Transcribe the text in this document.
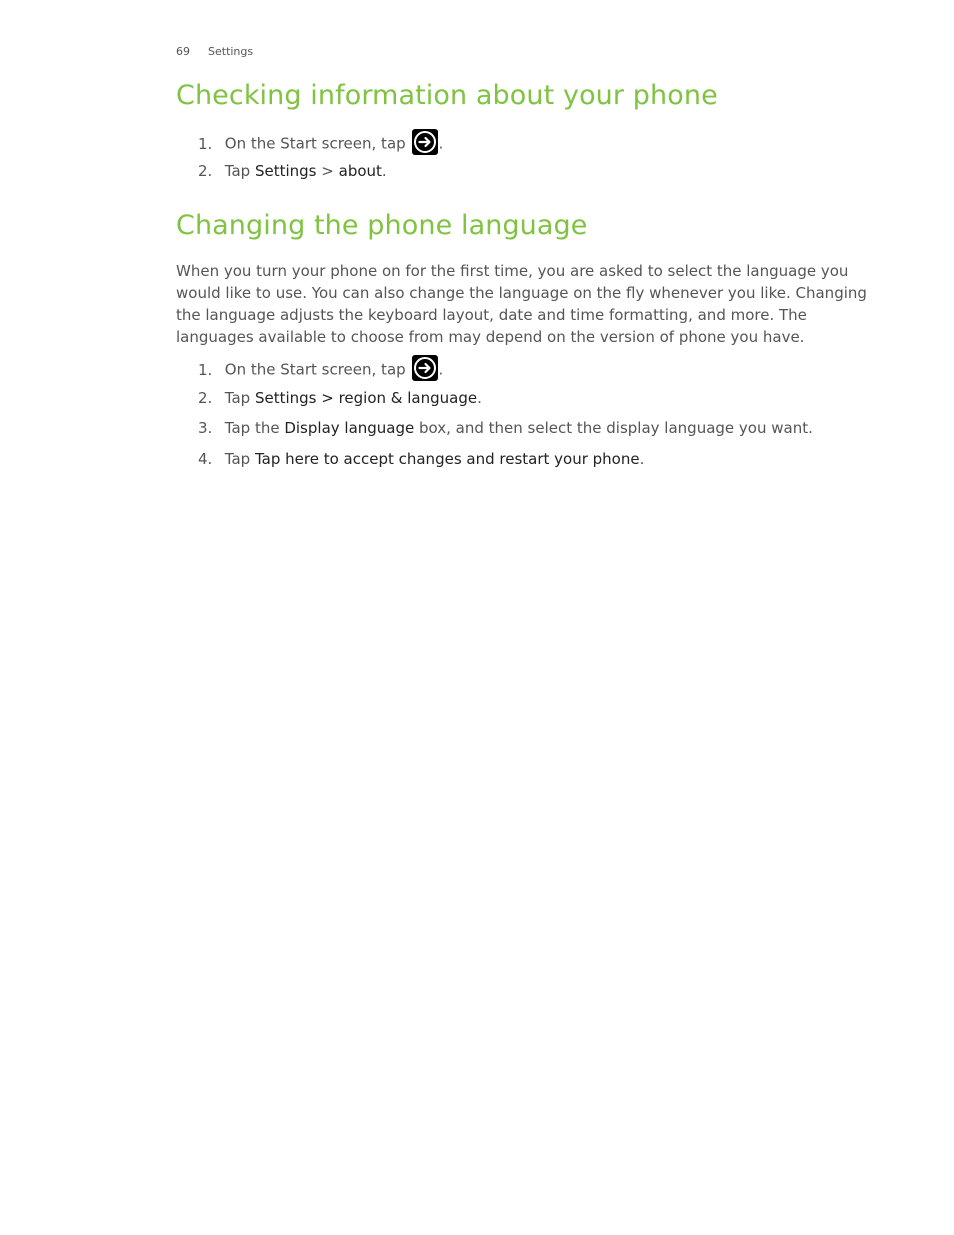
69 Settings
Checking information about your phone
1. On the Start screen, tap .
2. Tap Settings > about.
Changing the phone language

When you turn your phone on for the first time, you are asked to select the language you would like to use. You can also change the language on the fly whenever you like. Changing the language adjusts the keyboard layout, date and time formatting, and more. The languages available to choose from may depend on the version of phone you have.

1. On the Start screen, tap .
2. Tap Settings > region & language.
3. Tap the Display language box, and then select the display language you want.
4. Tap Tap here to accept changes and restart your phone.
